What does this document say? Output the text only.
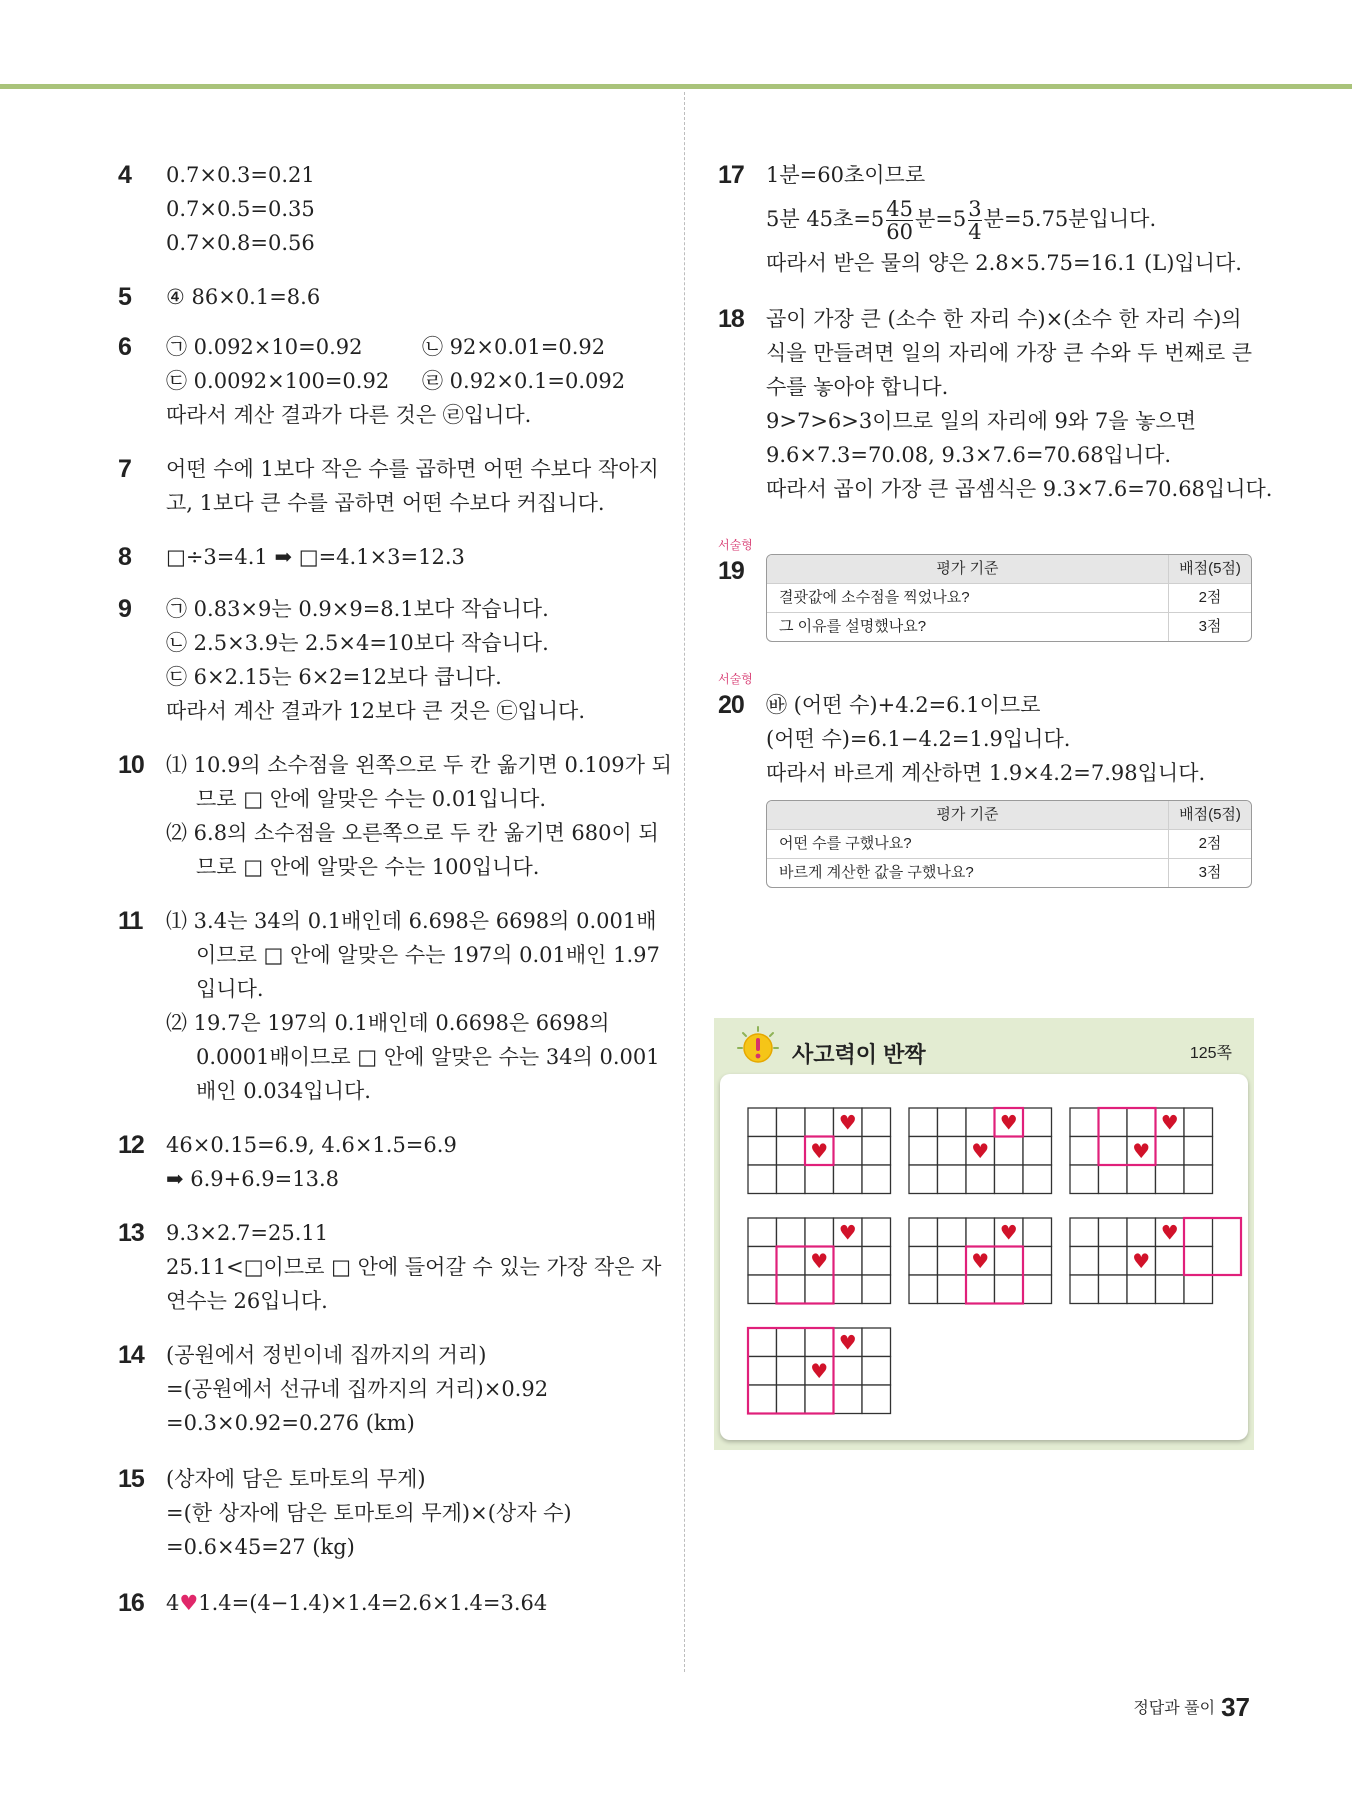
4 0.7×0.3=0.21
0.7×0.5=0.35
0.7×0.8=0.56
5 ④ 86×0.1=8.6
6 ㉠ 0.092×10=0.92	㉡ 92×0.01=0.92
㉢ 0.0092×100=0.92 ㉣ 0.92×0.1=0.092
따라서 계산 결과가 다른 것은 ㉣입니다.
7 어떤 수에 1보다 작은 수를 곱하면 어떤 수보다 작아지
고, 1보다 큰 수를 곱하면 어떤 수보다 커집니다.
8 □÷3=4.1 ➡ □=4.1×3=12.3
9 ㉠ 0.83×9는 0.9×9=8.1보다 작습니다.
㉡ 2.5×3.9는 2.5×4=10보다 작습니다.
㉢ 6×2.15는 6×2=12보다 큽니다.
따라서 계산 결과가 12보다 큰 것은 ㉢입니다.
10 ⑴ 10.9의 소수점을 왼쪽으로 두 칸 옮기면 0.109가 되
므로 □ 안에 알맞은 수는 0.01입니다.
⑵ 6.8의 소수점을 오른쪽으로 두 칸 옮기면 680이 되
므로 □ 안에 알맞은 수는 100입니다.
11 ⑴ 3.4는 34의 0.1배인데 6.698은 6698의 0.001배
이므로 □ 안에 알맞은 수는 197의 0.01배인 1.97
입니다.
⑵ 19.7은 197의 0.1배인데 0.6698은 6698의
0.0001배이므로 □ 안에 알맞은 수는 34의 0.001
배인 0.034입니다.
12 46×0.15=6.9, 4.6×1.5=6.9
➡ 6.9+6.9=13.8
13 9.3×2.7=25.11
25.11<□이므로 □ 안에 들어갈 수 있는 가장 작은 자
연수는 26입니다.
14 (공원에서 정빈이네 집까지의 거리)
=(공원에서 선규네 집까지의 거리)×0.92
=0.3×0.92=0.276 (km)
15 (상자에 담은 토마토의 무게)
=(한 상자에 담은 토마토의 무게)×(상자 수)
=0.6×45=27 (kg)
16 4♥1.4=(4−1.4)×1.4=2.6×1.4=3.64
17 1분=60초이므로
5분 45초$=5 \frac{45}{60}$ 분$=5 \frac{3}{4}$ 분=5.75분입니다.
따라서 받은 물의 양은 2.8×5.75=16.1 (L)입니다.
18 곱이 가장 큰 (소수 한 자리 수)×(소수 한 자리 수)의
식을 만들려면 일의 자리에 가장 큰 수와 두 번째로 큰
수를 놓아야 합니다.
9>7>6>3이므로 일의 자리에 9와 7을 놓으면
9.6×7.3=70.08, 9.3×7.6=70.68입니다.
따라서 곱이 가장 큰 곱셈식은 9.3×7.6=70.68입니다.
서술형
19	평가 기준	배점(5점)
결괏값에 소수점을 찍었나요?	2점
그 이유를 설명했나요?	3점
서술형
20 ㉳ (어떤 수)+4.2=6.1이므로
(어떤 수)=6.1−4.2=1.9입니다.
따라서 바르게 계산하면 1.9×4.2=7.98입니다.
평가 기준	배점(5점)
어떤 수를 구했나요?	2점
바르게 계산한 값을 구했나요?	3점
사고력이 반짝	125쪽
♥
♥
♥
♥
♥
♥
♥
♥
♥
♥
♥
♥
♥
♥
정답과 풀이 37
